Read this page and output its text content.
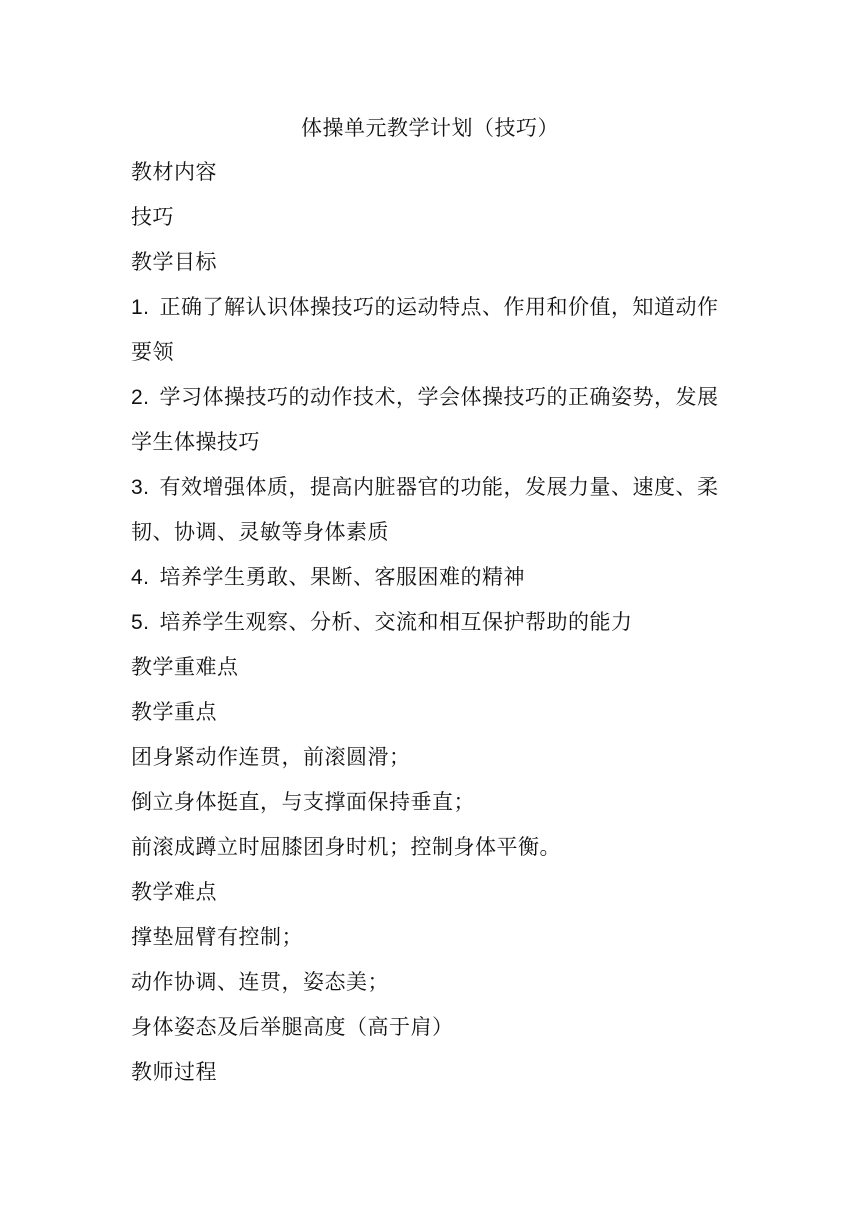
体操单元教学计划（技巧）
教材内容
技巧
教学目标
1. 正确了解认识体操技巧的运动特点、作用和价值，知道动作
要领
2. 学习体操技巧的动作技术，学会体操技巧的正确姿势，发展
学生体操技巧
3. 有效增强体质，提高内脏器官的功能，发展力量、速度、柔
韧、协调、灵敏等身体素质
4. 培养学生勇敢、果断、客服困难的精神
5. 培养学生观察、分析、交流和相互保护帮助的能力
教学重难点
教学重点
团身紧动作连贯，前滚圆滑；
倒立身体挺直，与支撑面保持垂直；
前滚成蹲立时屈膝团身时机；控制身体平衡。
教学难点
撑垫屈臂有控制；
动作协调、连贯，姿态美；
身体姿态及后举腿高度（高于肩）
教师过程
